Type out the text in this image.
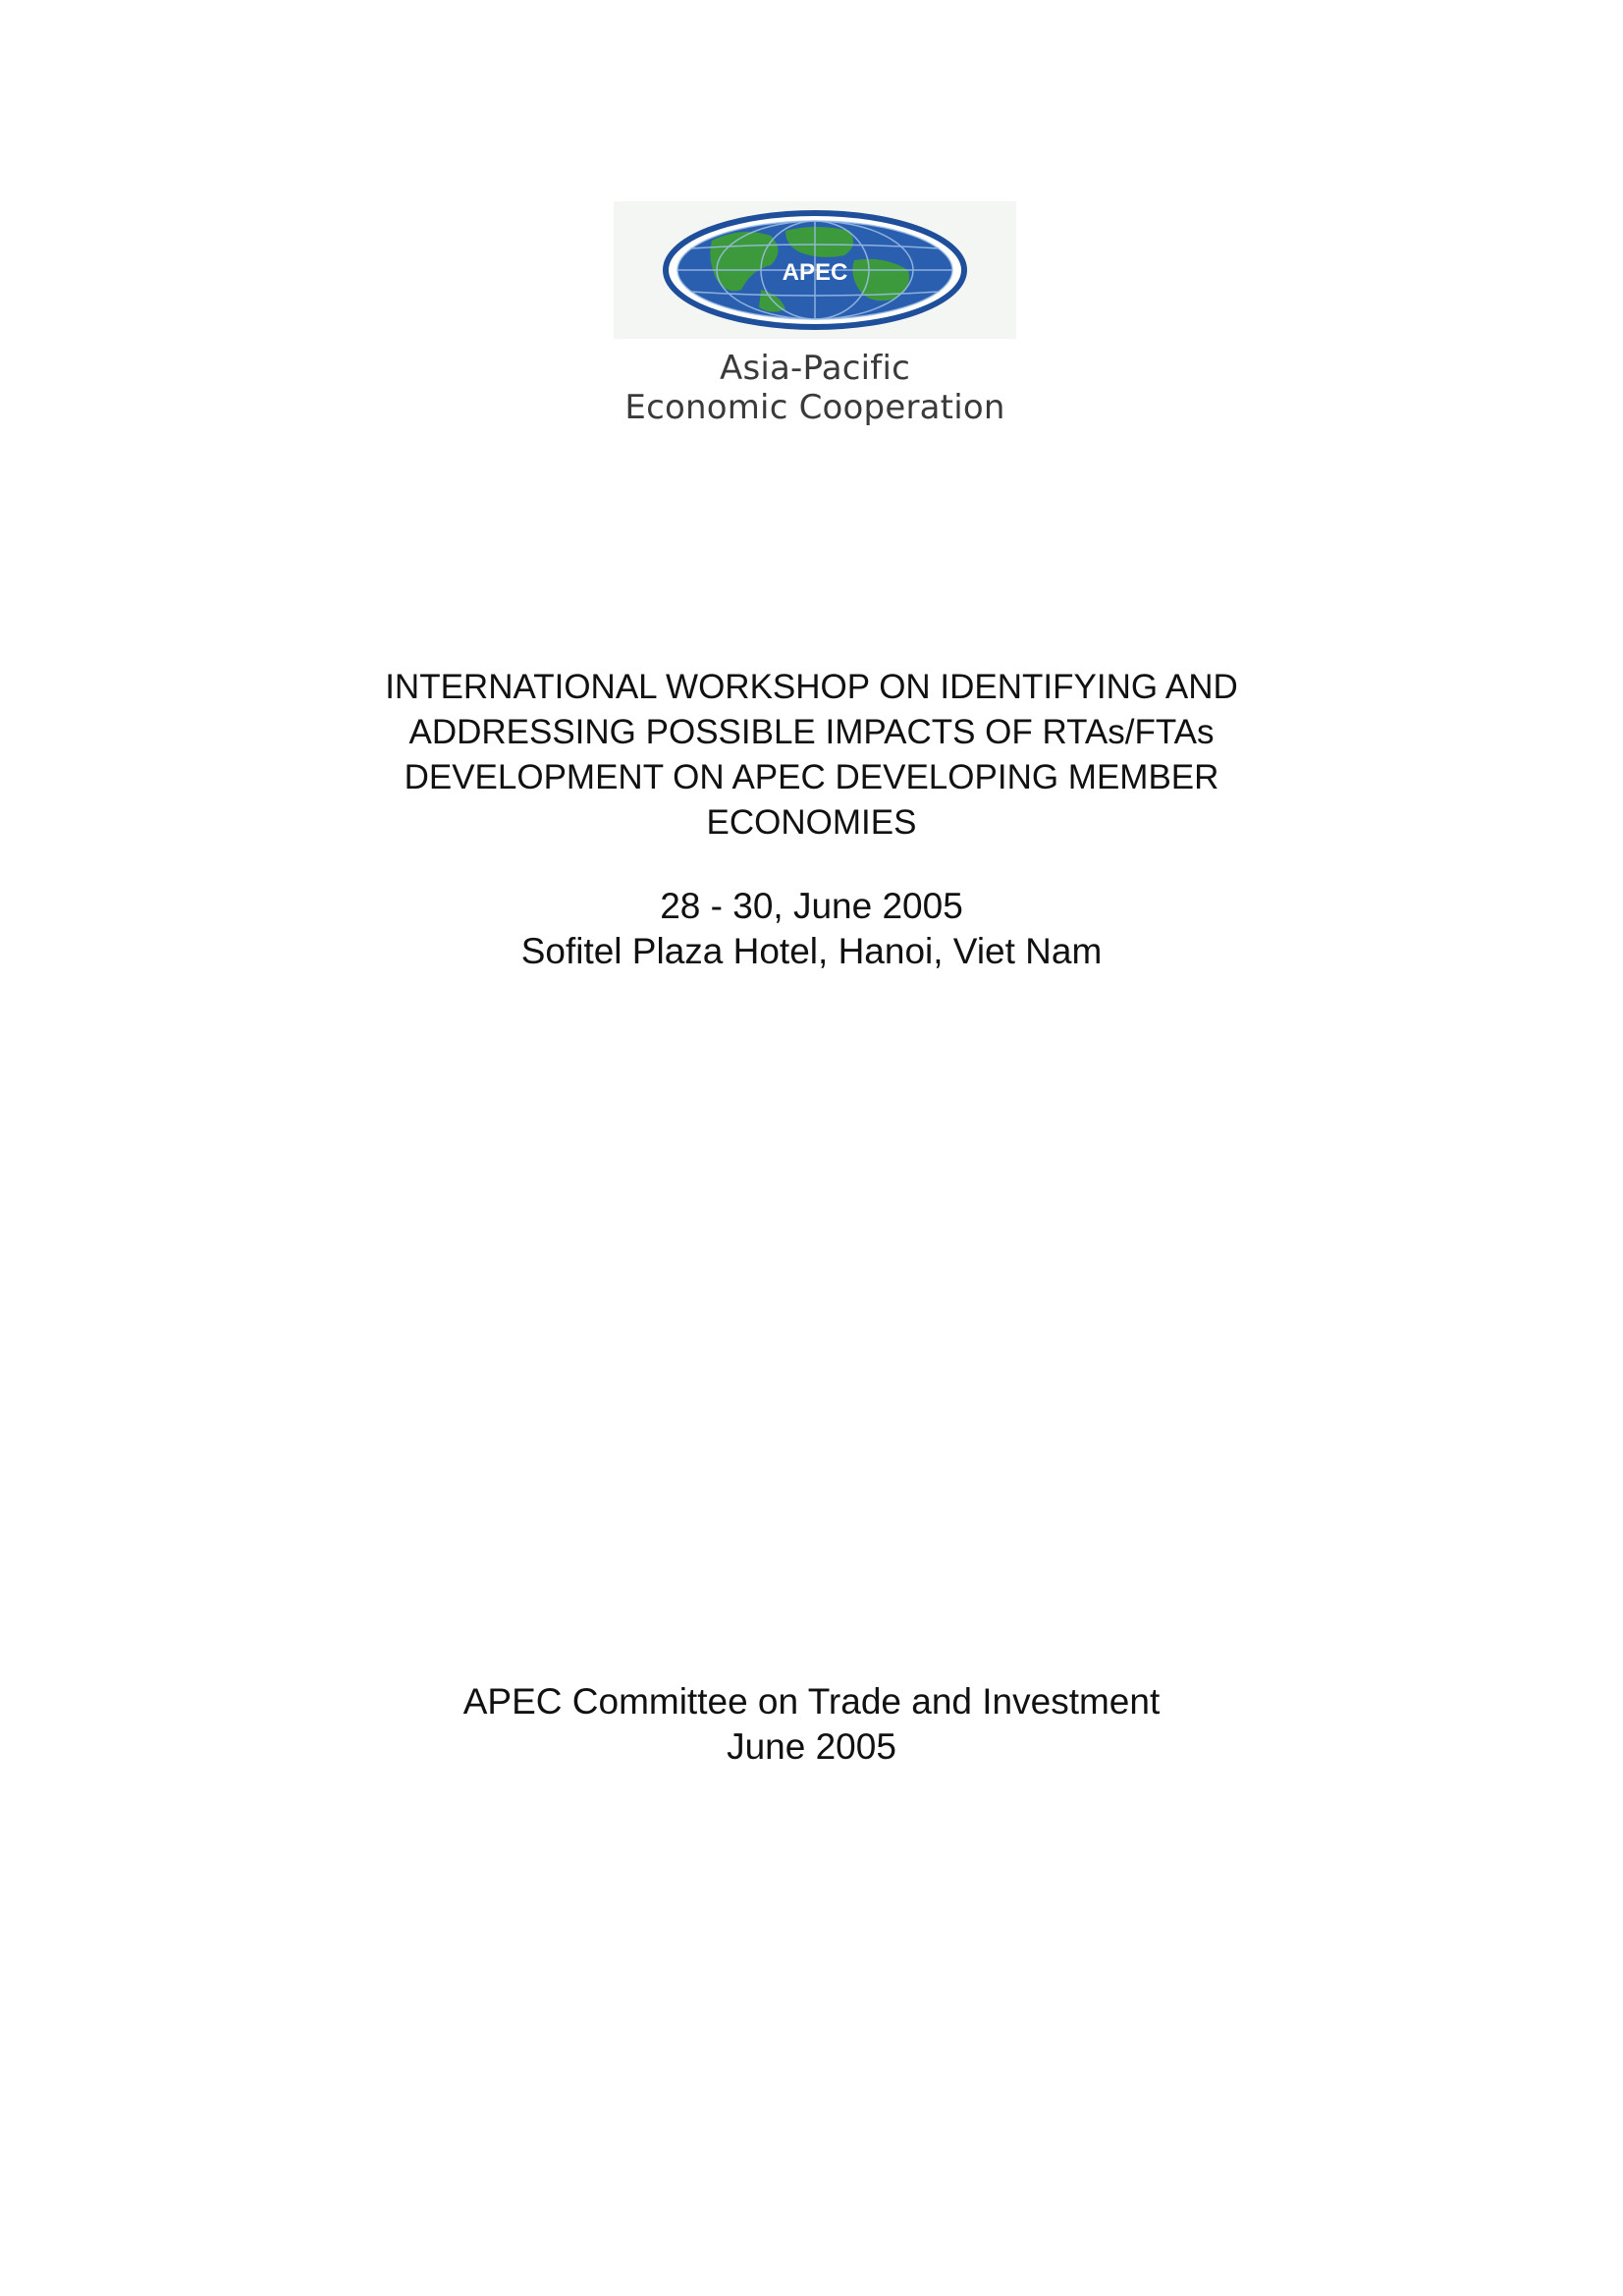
APEC
Asia-Pacific
Economic Cooperation
INTERNATIONAL WORKSHOP ON IDENTIFYING AND
ADDRESSING POSSIBLE IMPACTS OF RTAs/FTAs
DEVELOPMENT ON APEC DEVELOPING MEMBER
ECONOMIES
28 - 30, June 2005
Sofitel Plaza Hotel, Hanoi, Viet Nam
APEC Committee on Trade and Investment
June 2005
